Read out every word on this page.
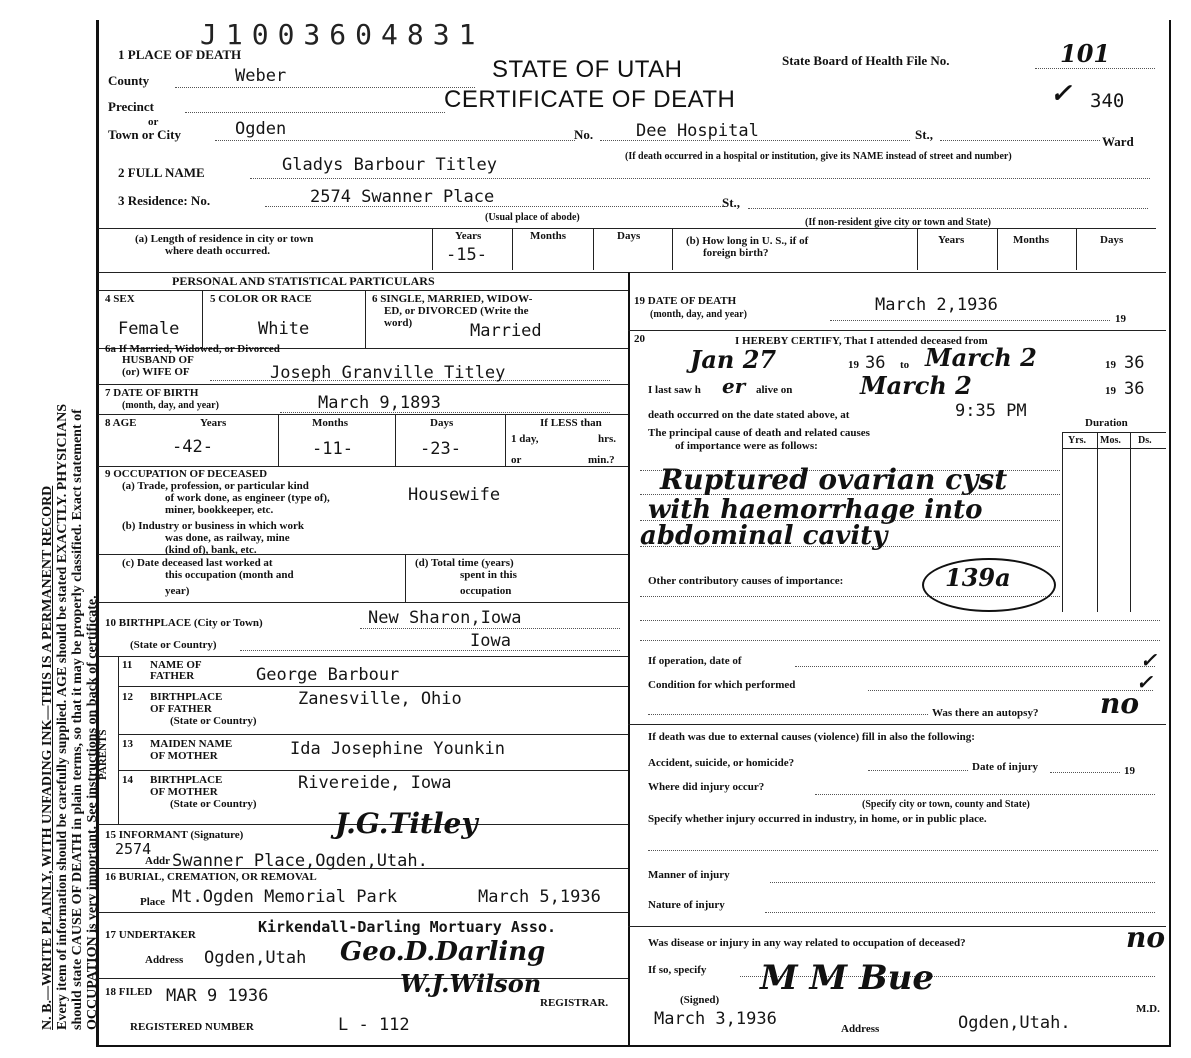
N. B.—WRITE PLAINLY, WITH UNFADING INK—THIS IS A PERMANENT RECORD Every item of information should be carefully supplied. AGE should be stated EXACTLY. PHYSICIANS should state CAUSE OF DEATH in plain terms, so that it may be properly classified. Exact statement of OCCUPATION is very important. See instructions on back of certificate.
J1003604831
STATE OF UTAH
CERTIFICATE OF DEATH
State Board of Health File No.	101
✓ 340
1 PLACE OF DEATH
County	Weber
Precinct
or
Town or City	Ogden	No.	Dee Hospital	St.,	Ward
(If death occurred in a hospital or institution, give its NAME instead of street and number)
2 FULL NAME	Gladys Barbour Titley
3 Residence: No.	2574 Swanner Place	St.,
(Usual place of abode)	(If non-resident give city or town and State)
(a) Length of residence in city or town
where death occurred.
Years	Months	Days
-15-
(b) How long in U. S., if of
foreign birth?
Years	Months	Days
PERSONAL AND STATISTICAL PARTICULARS
4 SEX	5 COLOR OR RACE	6 SINGLE, MARRIED, WIDOW-
ED, or DIVORCED (Write the
word)
Female	White	Married
6a If Married, Widowed, or Divorced
HUSBAND OF
(or) WIFE OF	Joseph Granville Titley
7 DATE OF BIRTH
(month, day, and year)	March 9,1893
8 AGE	Years	Months	Days	If LESS than
1 day,	hrs.
or	min.?
-42-	-11-	-23-
9 OCCUPATION OF DECEASED
(a) Trade, profession, or particular kind
of work done, as engineer (type of),
miner, bookkeeper, etc.
Housewife
(b) Industry or business in which work
was done, as railway, mine
(kind of), bank, etc.
(c) Date deceased last worked at
this occupation (month and
year)
(d) Total time (years)
spent in this
occupation
10 BIRTHPLACE (City or Town)	New Sharon,Iowa
(State or Country)	Iowa
PARENTS
11 NAME OF
FATHER	George Barbour
12 BIRTHPLACE
OF FATHER
(State or Country)
Zanesville, Ohio
13 MAIDEN NAME
OF MOTHER	Ida Josephine Younkin
14 BIRTHPLACE
OF MOTHER
(State or Country)
Rivereide, Iowa
15 INFORMANT (Signature)	J.G.Titley
2574
Addr Swanner Place,Ogden,Utah.
16 BURIAL, CREMATION, OR REMOVAL
Place Mt.Ogden Memorial Park	March 5,1936
17 UNDERTAKER	Kirkendall-Darling Mortuary Asso.
Address Ogden,Utah Geo.D.Darling
18 FILED MAR 9 1936	W.J.Wilson
REGISTRAR.
REGISTERED NUMBER	L - 112
19 DATE OF DEATH
(month, day, and year)	March 2,1936
19
20	I HEREBY CERTIFY, That I attended deceased from
Jan 27	19 36 to March 2	19 36
I last saw h er alive on	March 2	19 36
death occurred on the date stated above, at	9:35 PM
Duration
The principal cause of death and related causes
of importance were as follows:	Yrs. Mos. Ds.
Ruptured ovarian cyst
with haemorrhage into
abdominal cavity
Other contributory causes of importance:	139a
If operation, date of	✓
Condition for which performed	✓
Was there an autopsy? no
If death was due to external causes (violence) fill in also the following:
Accident, suicide, or homicide?	Date of injury	19
Where did injury occur?
(Specify city or town, county and State)
Specify whether injury occurred in industry, in home, or in public place.
Manner of injury
Nature of injury
Was disease or injury in any way related to occupation of deceased?	no
If so, specify
(Signed)
M M Bue
M.D.
March 3,1936	Address	Ogden,Utah.
